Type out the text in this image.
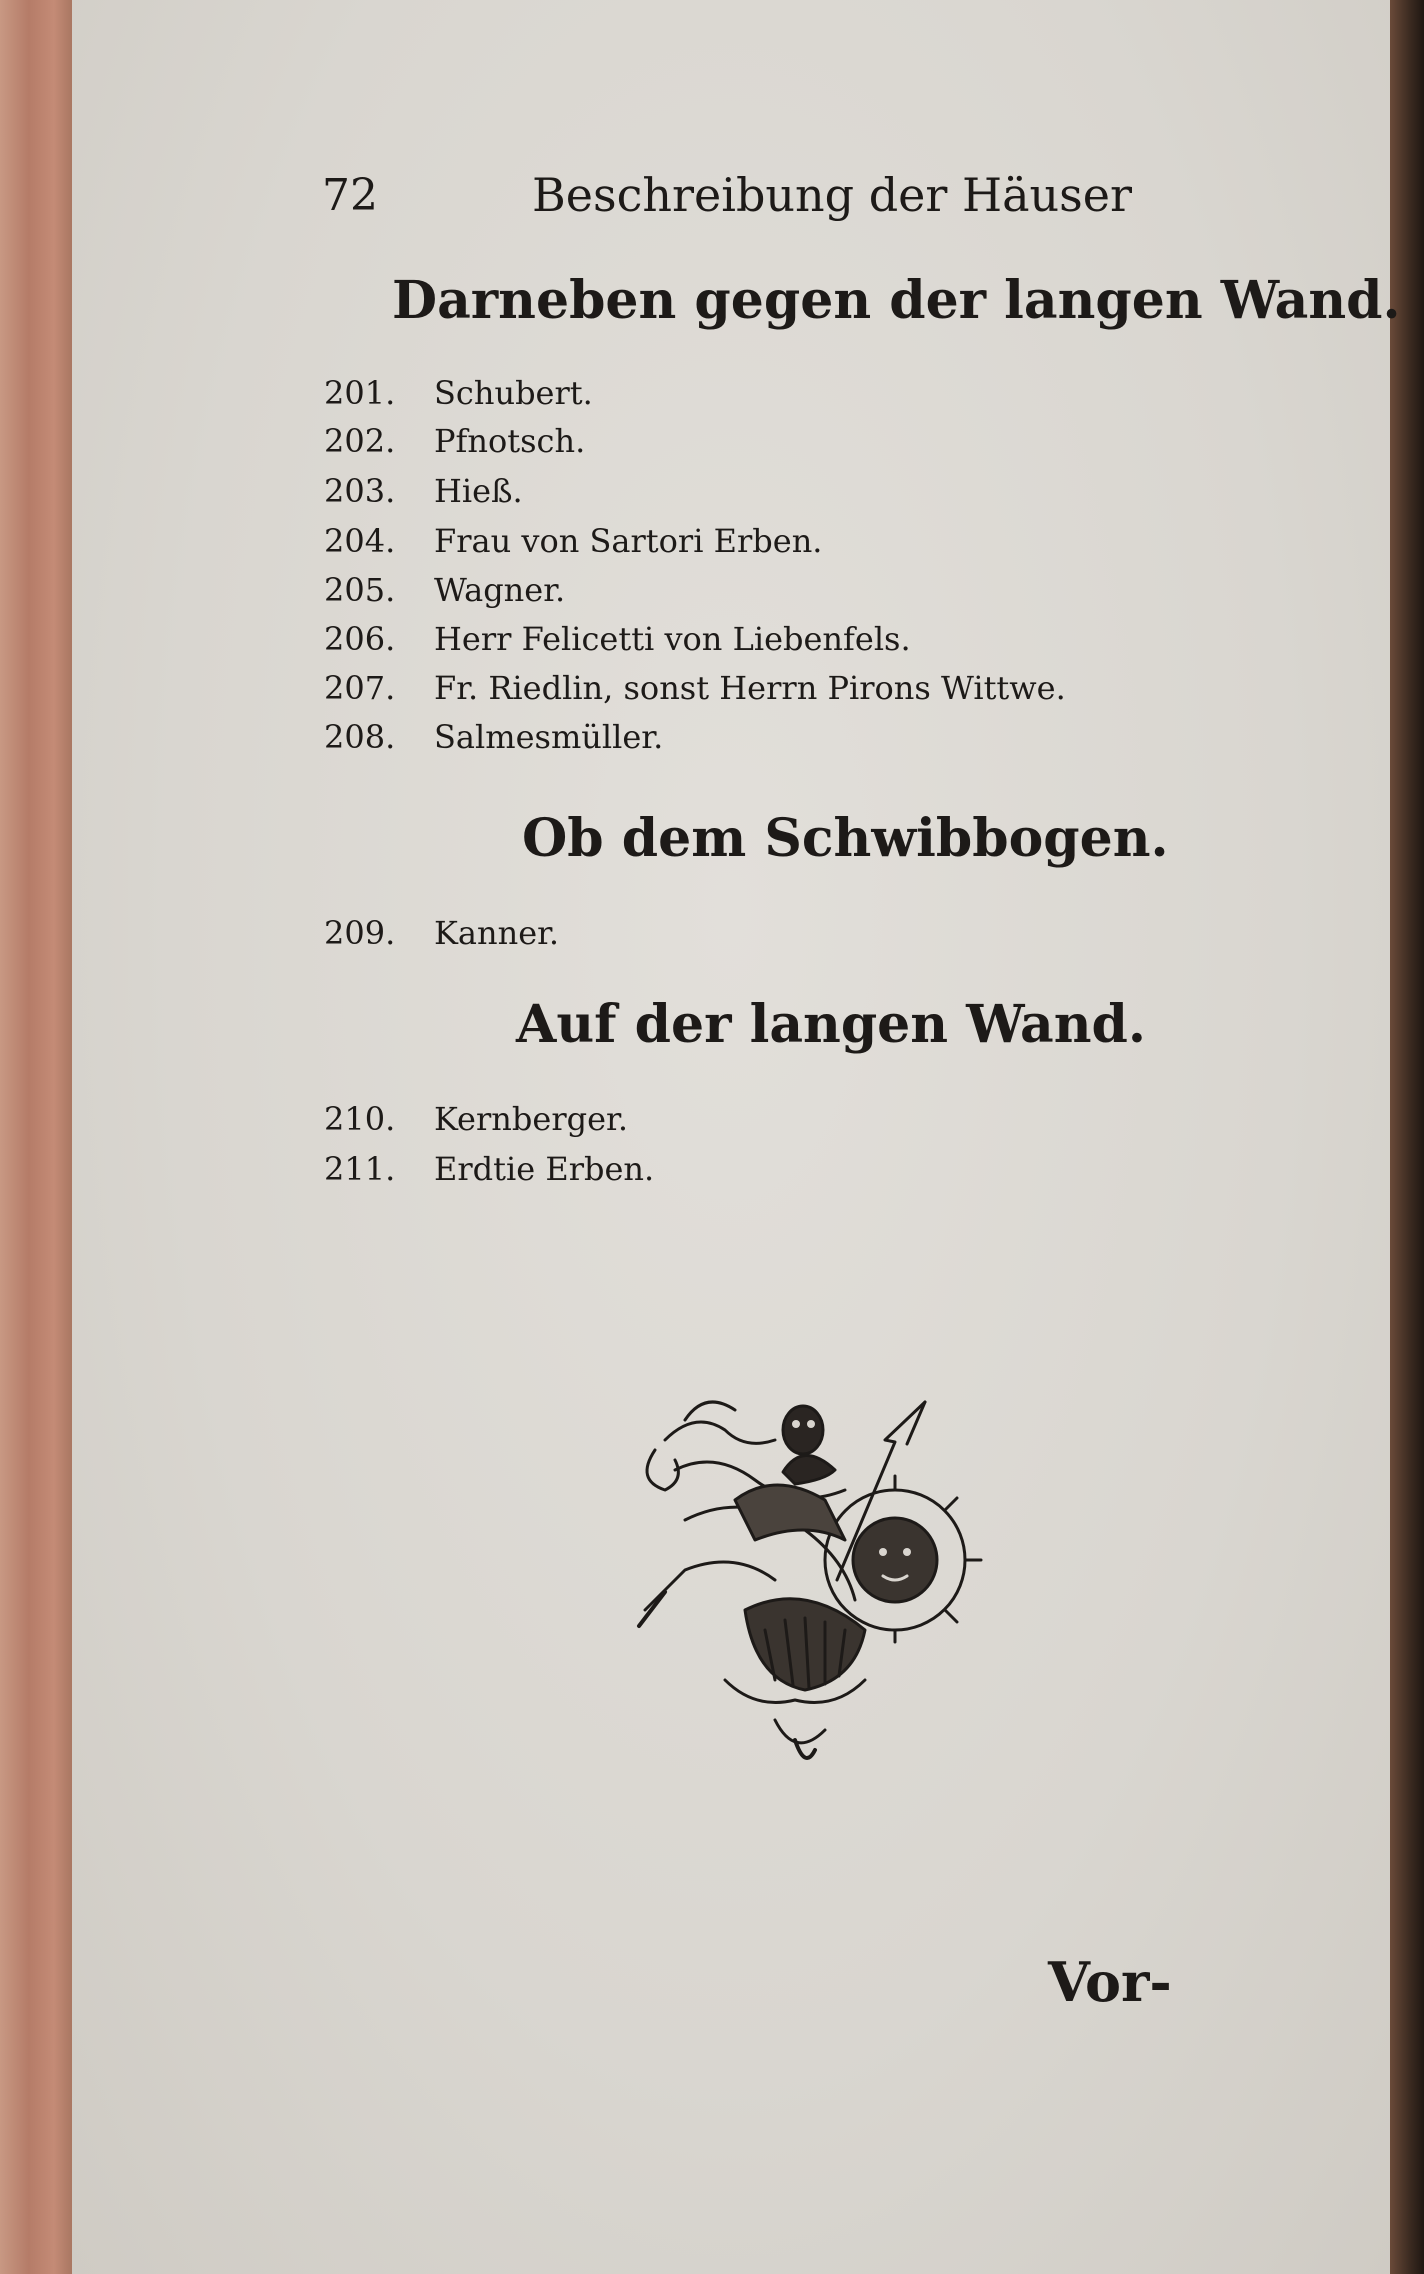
72	Beschreibung der Häuser
Darneben gegen der langen Wand.
201. Schubert.
202. Pfnotsch.
203. Hieß.
204. Frau von Sartori Erben.
205. Wagner.
206. Herr Felicetti von Liebenfels.
207. Fr. Riedlin, sonst Herrn Pirons Wittwe.
208. Salmesmüller.
Ob dem Schwibbogen.
209. Kanner.
Auf der langen Wand.
210. Kernberger.
211. Erdtie Erben.
Vor-
